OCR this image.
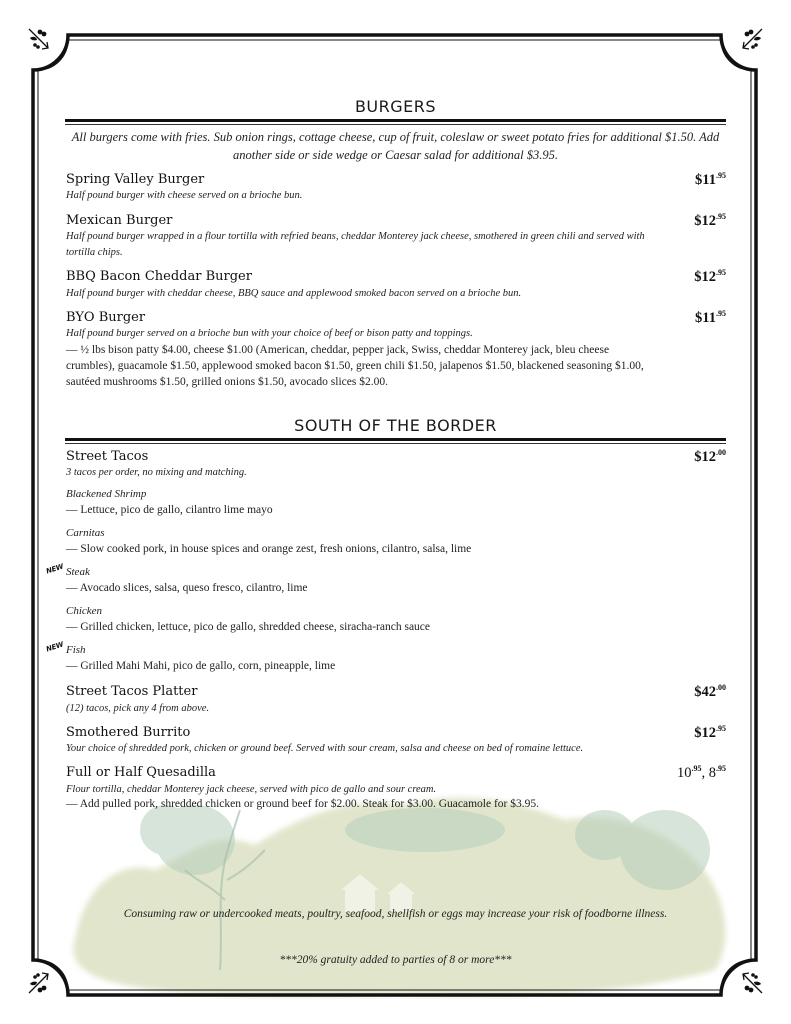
BURGERS
All burgers come with fries. Sub onion rings, cottage cheese, cup of fruit, coleslaw or sweet potato fries for additional $1.50. Add
another side or side wedge or Caesar salad for additional $3.95.
Spring Valley Burger	$\$11^{.95}$
Half pound burger with cheese served on a brioche bun.
Mexican Burger	$\$12^{.95}$
Half pound burger wrapped in a flour tortilla with refried beans, cheddar Monterey jack cheese, smothered in green chili and served with
tortilla chips.
BBQ Bacon Cheddar Burger	$\$12^{.95}$
Half pound burger with cheddar cheese, BBQ sauce and applewood smoked bacon served on a brioche bun.
BYO Burger	$\$11^{.95}$
Half pound burger served on a brioche bun with your choice of beef or bison patty and toppings.
— ½ lbs bison patty $4.00, cheese $1.00 (American, cheddar, pepper jack, Swiss, cheddar Monterey jack, bleu cheese
crumbles), guacamole $1.50, applewood smoked bacon $1.50, green chili $1.50, jalapenos $1.50, blackened seasoning $1.00,
sautéed mushrooms $1.50, grilled onions $1.50, avocado slices $2.00.
SOUTH OF THE BORDER
Street Tacos	$\$12^{.00}$
3 tacos per order, no mixing and matching.
Blackened Shrimp
— Lettuce, pico de gallo, cilantro lime mayo
Carnitas
— Slow cooked pork, in house spices and orange zest, fresh onions, cilantro, salsa, lime
NEW Steak
— Avocado slices, salsa, queso fresco, cilantro, lime
Chicken
— Grilled chicken, lettuce, pico de gallo, shredded cheese, siracha-ranch sauce
NEW Fish
— Grilled Mahi Mahi, pico de gallo, corn, pineapple, lime
Street Tacos Platter	$\$42^{.00}$
(12) tacos, pick any 4 from above.
Smothered Burrito	$\$12^{.95}$
Your choice of shredded pork, chicken or ground beef. Served with sour cream, salsa and cheese on bed of romaine lettuce.
Full or Half Quesadilla	$10^{.95}$, $8^{.95}$
Flour tortilla, cheddar Monterey jack cheese, served with pico de gallo and sour cream.
— Add pulled pork, shredded chicken or ground beef for $2.00. Steak for $3.00. Guacamole for $3.95.
Consuming raw or undercooked meats, poultry, seafood, shellfish or eggs may increase your risk of foodborne illness.
***20% gratuity added to parties of 8 or more***
